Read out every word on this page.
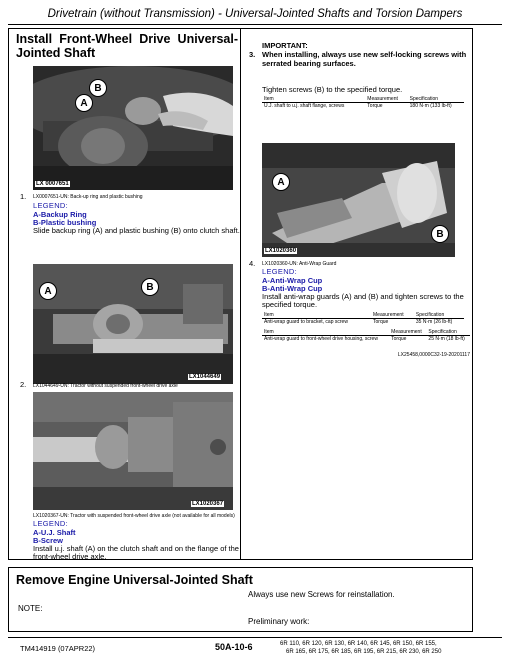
Drivetrain (without Transmission) - Universal-Jointed Shafts and Torsion Dampers
Install Front-Wheel Drive Universal-
Jointed Shaft
B
A
LX 0007651
1. LX0007651-UN: Back-up ring and plastic bushing
LEGEND:
A-Backup Ring
B-Plastic bushing
Slide backup ring (A) and plastic bushing (B) onto clutch shaft.
A	B
LX1044649
2. LX1044649-UN: Tractor without suspended front-wheel drive axle
LX1020367
LX1020367-UN: Tractor with suspended front-wheel drive axle (not available for all models)
LEGEND:
A-U.J. Shaft
B-Screw
Install u.j. shaft (A) on the clutch shaft and on the flange of the
front-wheel drive axle.
IMPORTANT:
3. When installing, always use new self-locking screws with
serrated bearing surfaces.
Tighten screws (B) to the specified torque.
Item	Measurement	Specification
U.J. shaft to u.j. shaft flange, screws	Torque	180 N·m (133 lb-ft)
A
B
LX1020360
4. LX1020360-UN: Anti-Wrap Guard
LEGEND:
A-Anti-Wrap Cup
B-Anti-Wrap Cup
Install anti-wrap guards (A) and (B) and tighten screws to the
specified torque.
Item	Measurement	Specification
Anti-wrap guard to bracket, cap screw	Torque	35 N·m (26 lb-ft)
Item	Measurement	Specification
Anti-wrap guard to front-wheel drive housing, screw	Torque	25 N·m (18 lb-ft)
LX25458,0000C32-19-20201117
Remove Engine Universal-Jointed Shaft
NOTE:
Always use new Screws for reinstallation.
Preliminary work:
TM414919 (07APR22)	50A-10-6	6R 110, 6R 120, 6R 130, 6R 140, 6R 145, 6R 150, 6R 155,
6R 165, 6R 175, 6R 185, 6R 195, 6R 215, 6R 230, 6R 250
